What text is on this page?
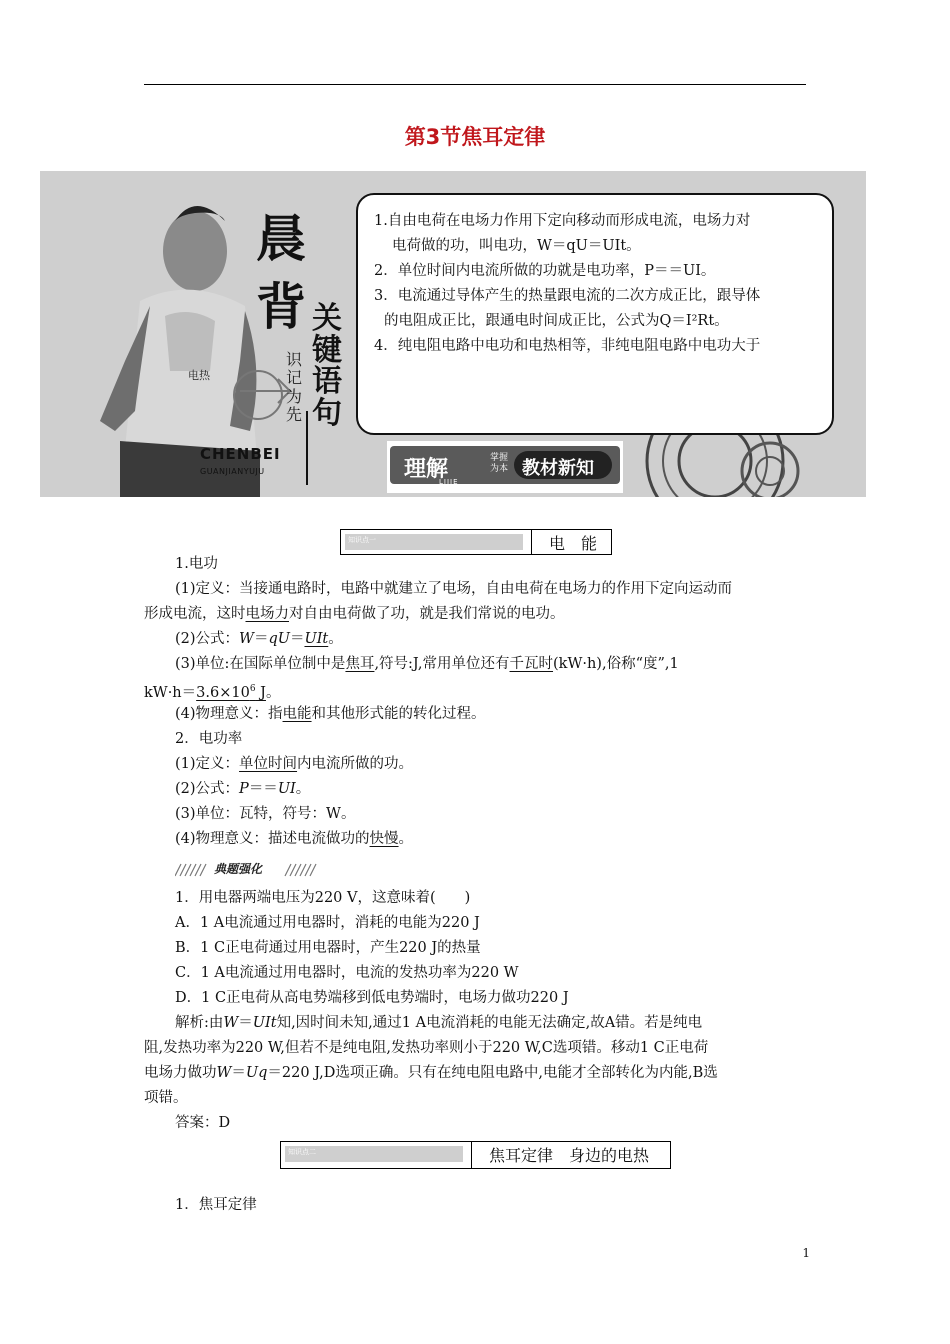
第3节焦耳定律
电热
晨
背 关
键
语
句
识
记
为
先
CHENBEI
GUANJIANYUJU

1.自由电荷在电场力作用下定向移动而形成电流，电场力对

电荷做的功，叫电功，W＝qU＝UIt。

2．单位时间内电流所做的功就是电功率，P＝＝UI。

3．电流通过导体产生的热量跟电流的二次方成正比，跟导体

的电阻成正比，跟通电时间成正比，公式为Q＝I²Rt。

4．纯电阻电路中电功和电热相等，非纯电阻电路中电功大于

理解	掌握
为本 教材新知
LIJIE
知识点一	电　能
1.电功
(1)定义：当接通电路时，电路中就建立了电场，自由电荷在电场力的作用下定向运动而
形成电流，这时电场力对自由电荷做了功，就是我们常说的电功。
(2)公式：W＝qU＝UIt。
(3)单位:在国际单位制中是焦耳,符号:J,常用单位还有千瓦时(kW·h),俗称“度”,1
$kW\cdot h=3.6\times 10^6$ J。
(4)物理意义：指电能和其他形式能的转化过程。
2．电功率
(1)定义：单位时间内电流所做的功。
(2)公式：P＝＝UI。
(3)单位：瓦特，符号：W。
(4)物理意义：描述电流做功的快慢。
典题强化
1．用电器两端电压为220 V，这意味着(　　)
A．1 A电流通过用电器时，消耗的电能为220 J
B．1 C正电荷通过用电器时，产生220 J的热量
C．1 A电流通过用电器时，电流的发热功率为220 W
D．1 C正电荷从高电势端移到低电势端时，电场力做功220 J
解析:由W＝UIt知,因时间未知,通过1 A电流消耗的电能无法确定,故A错。若是纯电
阻,发热功率为220 W,但若不是纯电阻,发热功率则小于220 W,C选项错。移动1 C正电荷
电场力做功W＝Uq＝220 J,D选项正确。只有在纯电阻电路中,电能才全部转化为内能,B选
项错。
答案：D
知识点二	焦耳定律　身边的电热
1．焦耳定律
1
